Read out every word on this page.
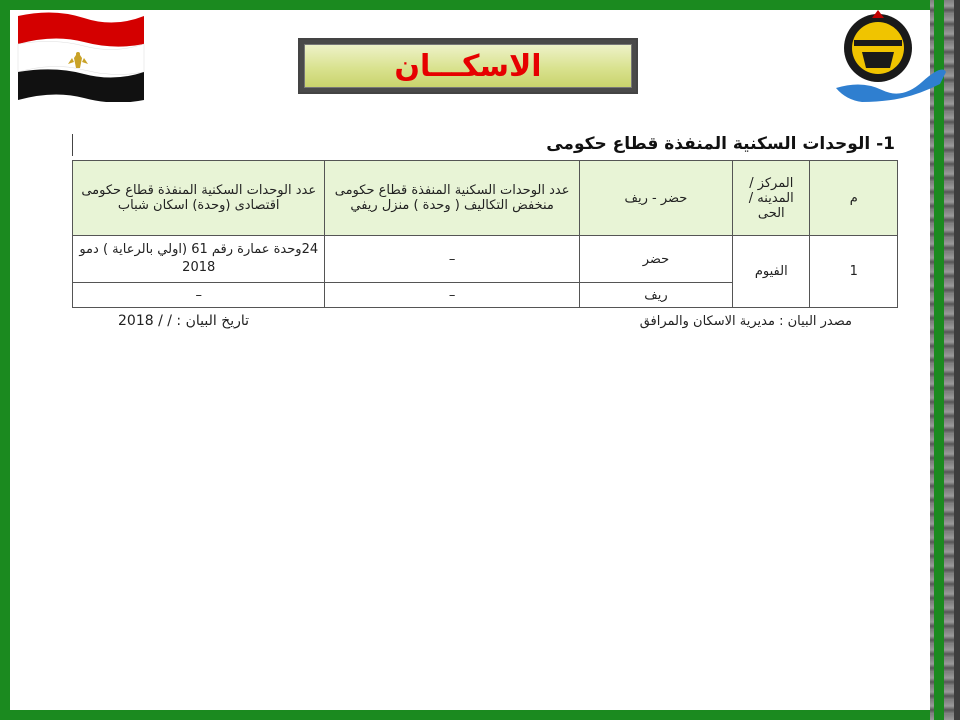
الاسكـــان
1- الوحدات السكنية المنفذة قطاع حكومى
م	المركز /المدينه /الحى	حضر - ريف	عدد الوحدات السكنية المنفذة قطاع حكومى منخفض التكاليف ( وحدة ) منزل ريفي	عدد الوحدات السكنية المنفذة قطاع حكومى اقتصادى (وحدة) اسكان شباب
1	الفيوم	حضر	–	24وحدة عمارة رقم 61 (اولي بالرعاية ) دمو 2018
		ريف	–	–
مصدر البيان : مديرية الاسكان والمرافق
تاريخ البيان : / / 2018
